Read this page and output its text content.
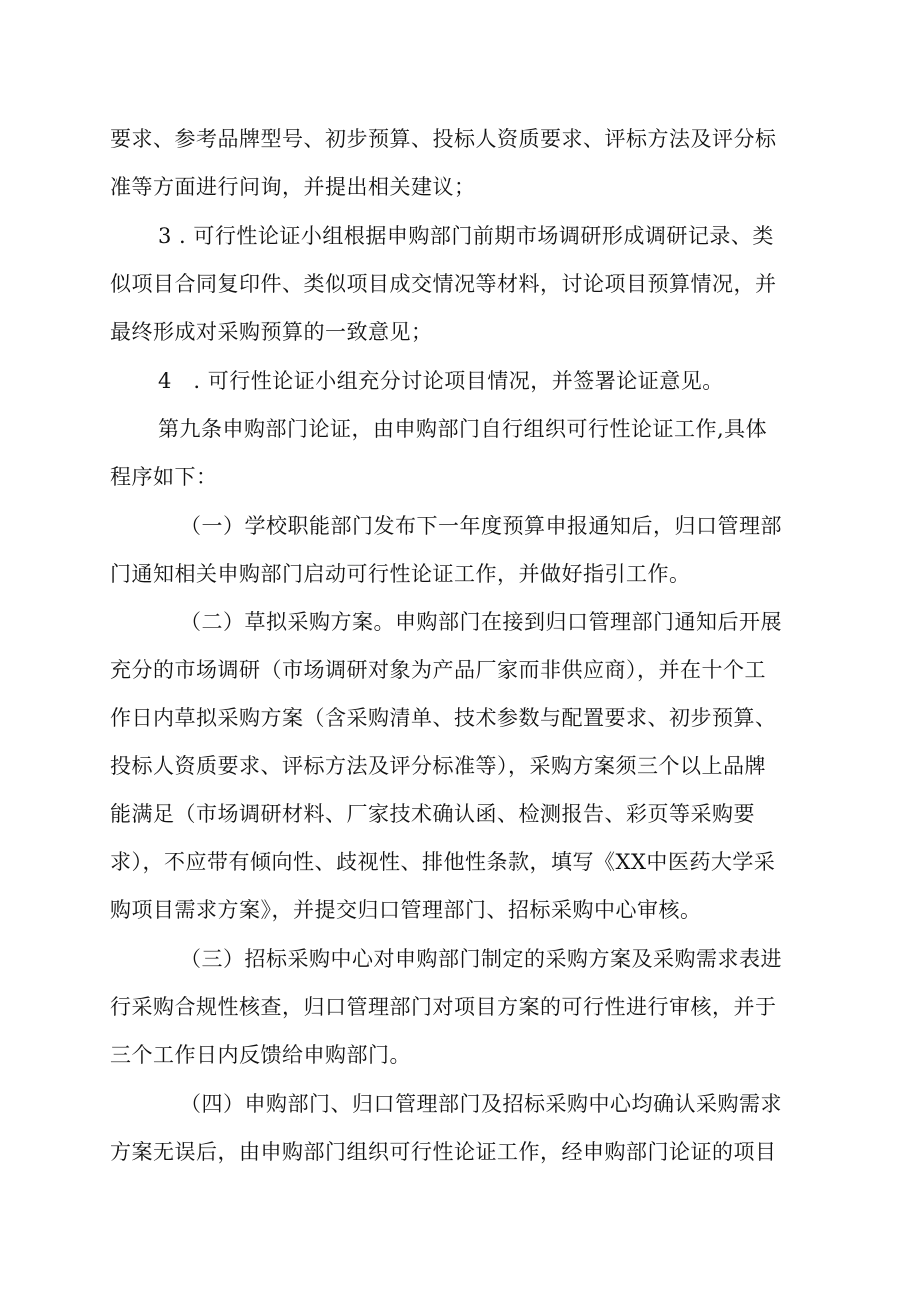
要求、参考品牌型号、初步预算、投标人资质要求、评标方法及评分标
准等方面进行问询，并提出相关建议；
3 . 可行性论证小组根据申购部门前期市场调研形成调研记录、类
似项目合同复印件、类似项目成交情况等材料，讨论项目预算情况，并
最终形成对采购预算的一致意见；
4　. 可行性论证小组充分讨论项目情况，并签署论证意见。
第九条申购部门论证，由申购部门自行组织可行性论证工作,具体
程序如下：
（一）学校职能部门发布下一年度预算申报通知后，归口管理部
门通知相关申购部门启动可行性论证工作，并做好指引工作。
（二）草拟采购方案。申购部门在接到归口管理部门通知后开展
充分的市场调研（市场调研对象为产品厂家而非供应商），并在十个工
作日内草拟采购方案（含采购清单、技术参数与配置要求、初步预算、
投标人资质要求、评标方法及评分标准等），采购方案须三个以上品牌
能满足（市场调研材料、厂家技术确认函、检测报告、彩页等采购要
求），不应带有倾向性、歧视性、排他性条款，填写《XX中医药大学采
购项目需求方案》，并提交归口管理部门、招标采购中心审核。
（三）招标采购中心对申购部门制定的采购方案及采购需求表进
行采购合规性核查，归口管理部门对项目方案的可行性进行审核，并于
三个工作日内反馈给申购部门。
（四）申购部门、归口管理部门及招标采购中心均确认采购需求
方案无误后，由申购部门组织可行性论证工作，经申购部门论证的项目
